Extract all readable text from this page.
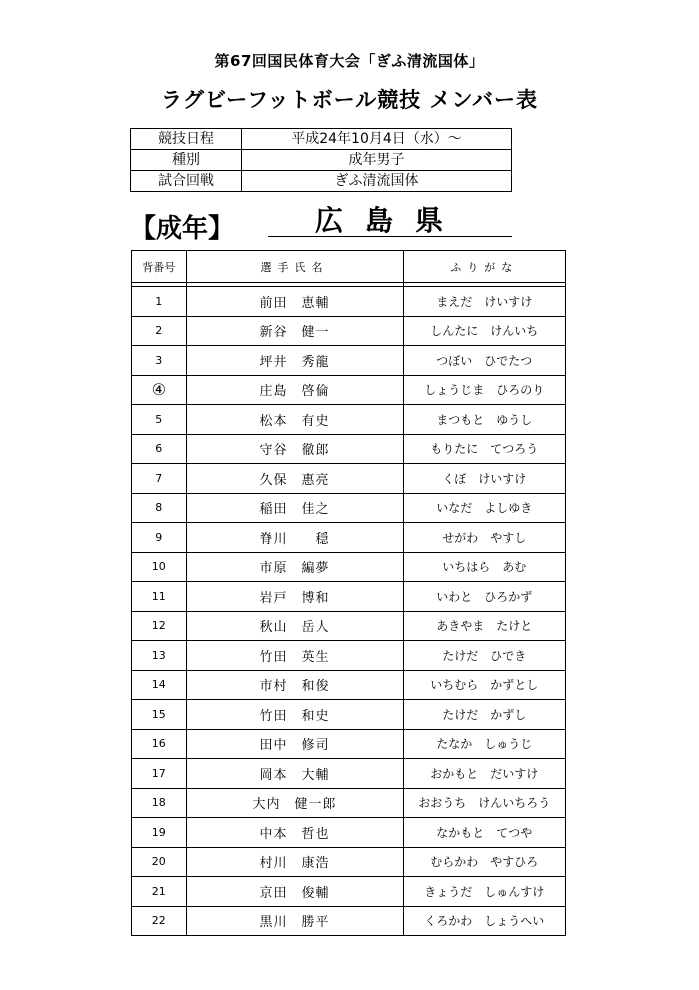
第67回国民体育大会「ぎふ清流国体」
ラグビーフットボール競技 メンバー表
競技日程	平成24年10月4日（水）～
種別	成年男子
試合回戦	ぎふ清流国体
【成年】	広島県
背番号	選手氏名	ふりがな

1	前田　恵輔	まえだ　けいすけ
2	新谷　健一	しんたに　けんいち
3	坪井　秀龍	つぼい　ひでたつ
④	庄島　啓倫	しょうじま　ひろのり
5	松本　有史	まつもと　ゆうし
6	守谷　徹郎	もりたに　てつろう
7	久保　惠亮	くぼ　けいすけ
8	稲田　佳之	いなだ　よしゆき
9	脊川　　穏	せがわ　やすし
10	市原　編夢	いちはら　あむ
11	岩戸　博和	いわと　ひろかず
12	秋山　岳人	あきやま　たけと
13	竹田　英生	たけだ　ひでき
14	市村　和俊	いちむら　かずとし
15	竹田　和史	たけだ　かずし
16	田中　修司	たなか　しゅうじ
17	岡本　大輔	おかもと　だいすけ
18	大内　健一郎	おおうち　けんいちろう
19	中本　哲也	なかもと　てつや
20	村川　康浩	むらかわ　やすひろ
21	京田　俊輔	きょうだ　しゅんすけ
22	黒川　勝平	くろかわ　しょうへい
